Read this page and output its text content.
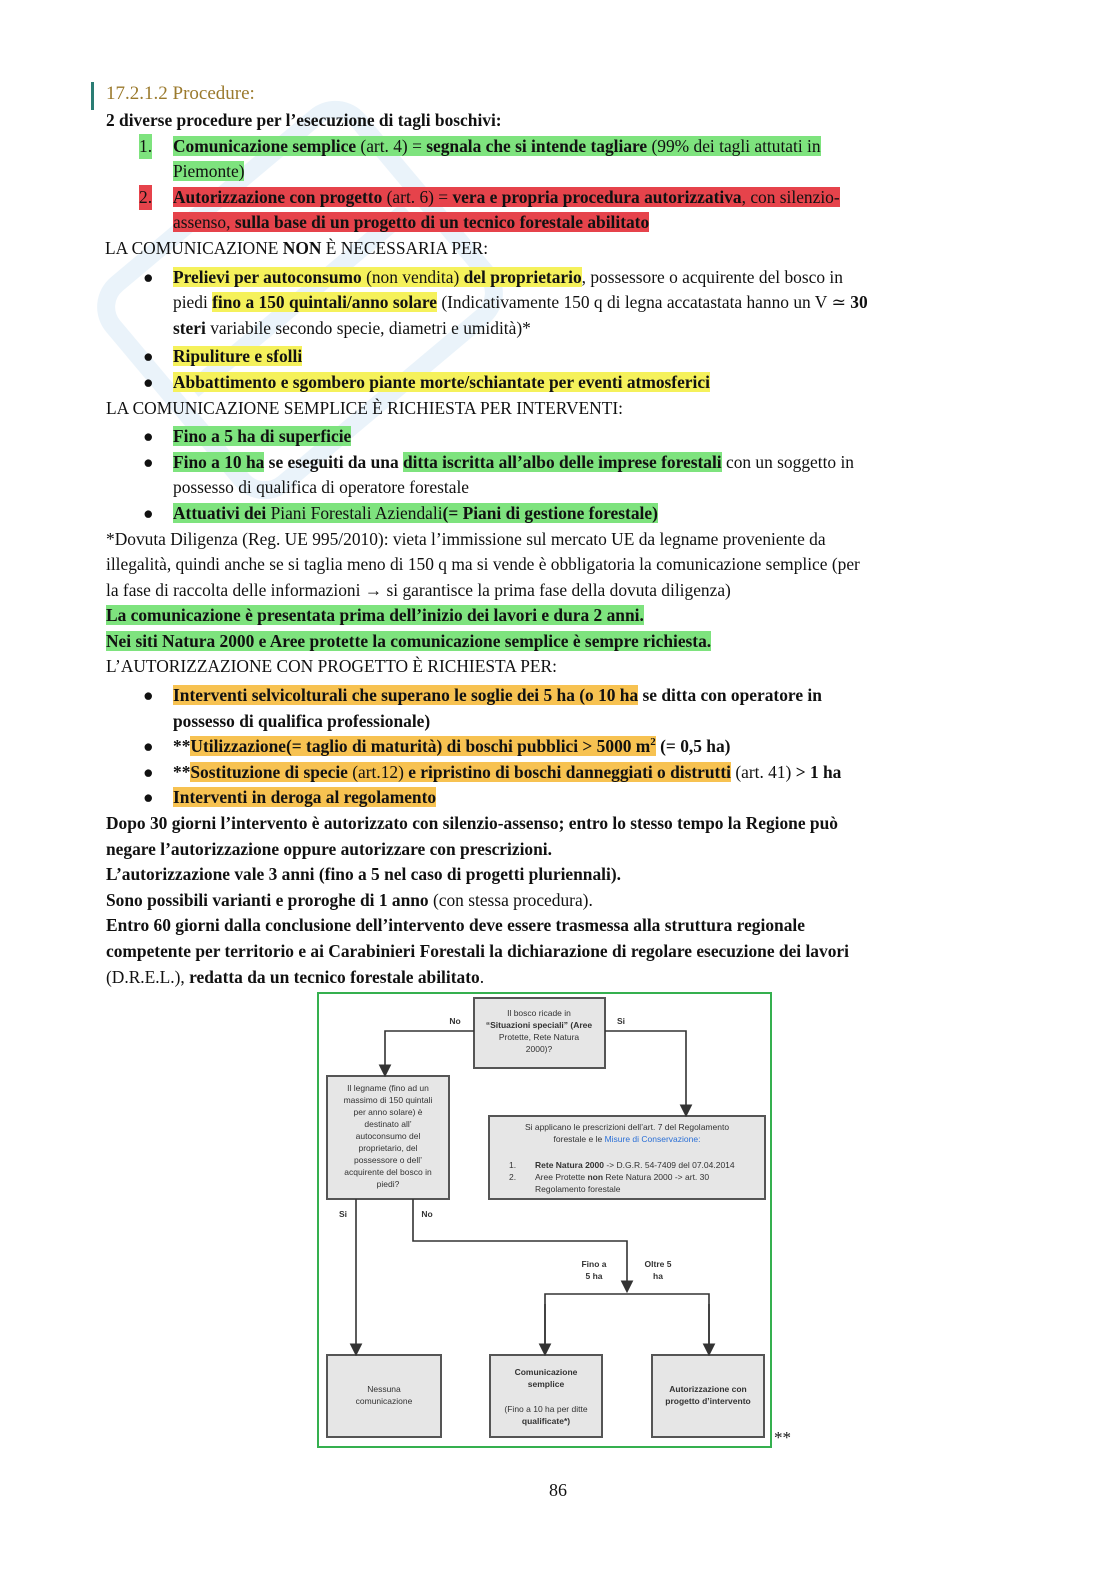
17.2.1.2 Procedure:
2 diverse procedure per l’esecuzione di tagli boschivi:
1. Comunicazione semplice (art. 4) = segnala che si intende tagliare (99% dei tagli attutati in
Piemonte)
2. Autorizzazione con progetto (art. 6) = vera e propria procedura autorizzativa, con silenzio-
assenso, sulla base di un progetto di un tecnico forestale abilitato
LA COMUNICAZIONE NON È NECESSARIA PER:
● Prelievi per autoconsumo (non vendita) del proprietario, possessore o acquirente del bosco in
piedi fino a 150 quintali/anno solare (Indicativamente 150 q di legna accatastata hanno un V ≃ 30
steri variabile secondo specie, diametri e umidità)*
● Ripuliture e sfolli
● Abbattimento e sgombero piante morte/schiantate per eventi atmosferici
LA COMUNICAZIONE SEMPLICE È RICHIESTA PER INTERVENTI:
● Fino a 5 ha di superficie
● Fino a 10 ha se eseguiti da una ditta iscritta all’albo delle imprese forestali con un soggetto in
possesso di qualifica di operatore forestale
● Attuativi dei Piani Forestali Aziendali(= Piani di gestione forestale)
*Dovuta Diligenza (Reg. UE 995/2010): vieta l’immissione sul mercato UE da legname proveniente da
illegalità, quindi anche se si taglia meno di 150 q ma si vende è obbligatoria la comunicazione semplice (per
la fase di raccolta delle informazioni → si garantisce la prima fase della dovuta diligenza)
La comunicazione è presentata prima dell’inizio dei lavori e dura 2 anni.
Nei siti Natura 2000 e Aree protette la comunicazione semplice è sempre richiesta.
L’AUTORIZZAZIONE CON PROGETTO È RICHIESTA PER:
● Interventi selvicolturali che superano le soglie dei 5 ha (o 10 ha se ditta con operatore in
possesso di qualifica professionale)
● **Utilizzazione(= taglio di maturità) di boschi pubblici > 5000 $m^2$ (= 0,5 ha)
● **Sostituzione di specie (art.12) e ripristino di boschi danneggiati o distrutti (art. 41) > 1 ha
● Interventi in deroga al regolamento
Dopo 30 giorni l’intervento è autorizzato con silenzio-assenso; entro lo stesso tempo la Regione può
negare l’autorizzazione oppure autorizzare con prescrizioni.
L’autorizzazione vale 3 anni (fino a 5 nel caso di progetti pluriennali).
Sono possibili varianti e proroghe di 1 anno (con stessa procedura).
Entro 60 giorni dalla conclusione dell’intervento deve essere trasmessa alla struttura regionale
competente per territorio e ai Carabinieri Forestali la dichiarazione di regolare esecuzione dei lavori
(D.R.E.L.), redatta da un tecnico forestale abilitato.
Il bosco ricade in
“Situazioni speciali” (Aree
Protette, Rete Natura
2000)?
No	Si
Il legname (fino ad un
massimo di 150 quintali
per anno solare) è
destinato all’
autoconsumo del
proprietario, del
possessore o dell’
acquirente del bosco in
piedi?
Si applicano le prescrizioni dell’art. 7 del Regolamento
forestale e le Misure di Conservazione:
1. Rete Natura 2000 -> D.G.R. 54-7409 del 07.04.2014
2. Aree Protette non Rete Natura 2000 -> art. 30
Regolamento forestale
Si	No
Fino a
5 ha
Oltre 5
ha
Nessuna
comunicazione
Comunicazione
semplice
(Fino a 10 ha per ditte
qualificate*)
Autorizzazione con
progetto d’intervento
**
86
